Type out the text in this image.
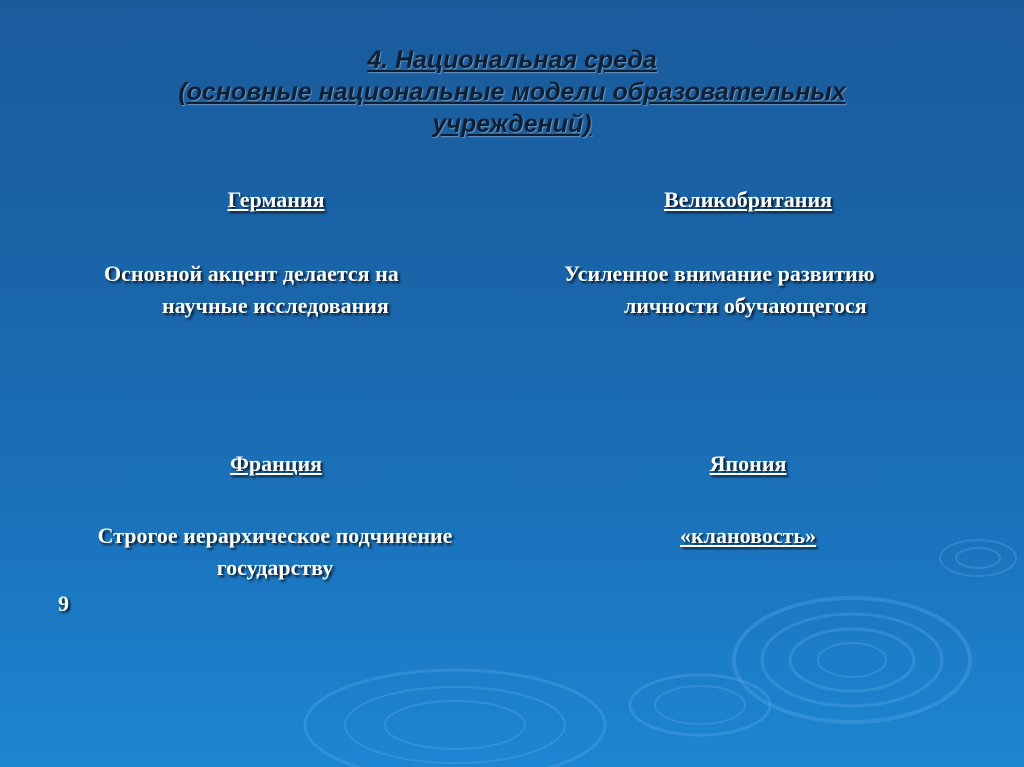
4. Национальная среда
(основные национальные модели образовательных
учреждений)
Германия
Основной акцент делается на
научные исследования
Великобритания
Усиленное внимание развитию
личности обучающегося
Франция
Строгое иерархическое подчинение
государству
Япония
«клановость»
9
